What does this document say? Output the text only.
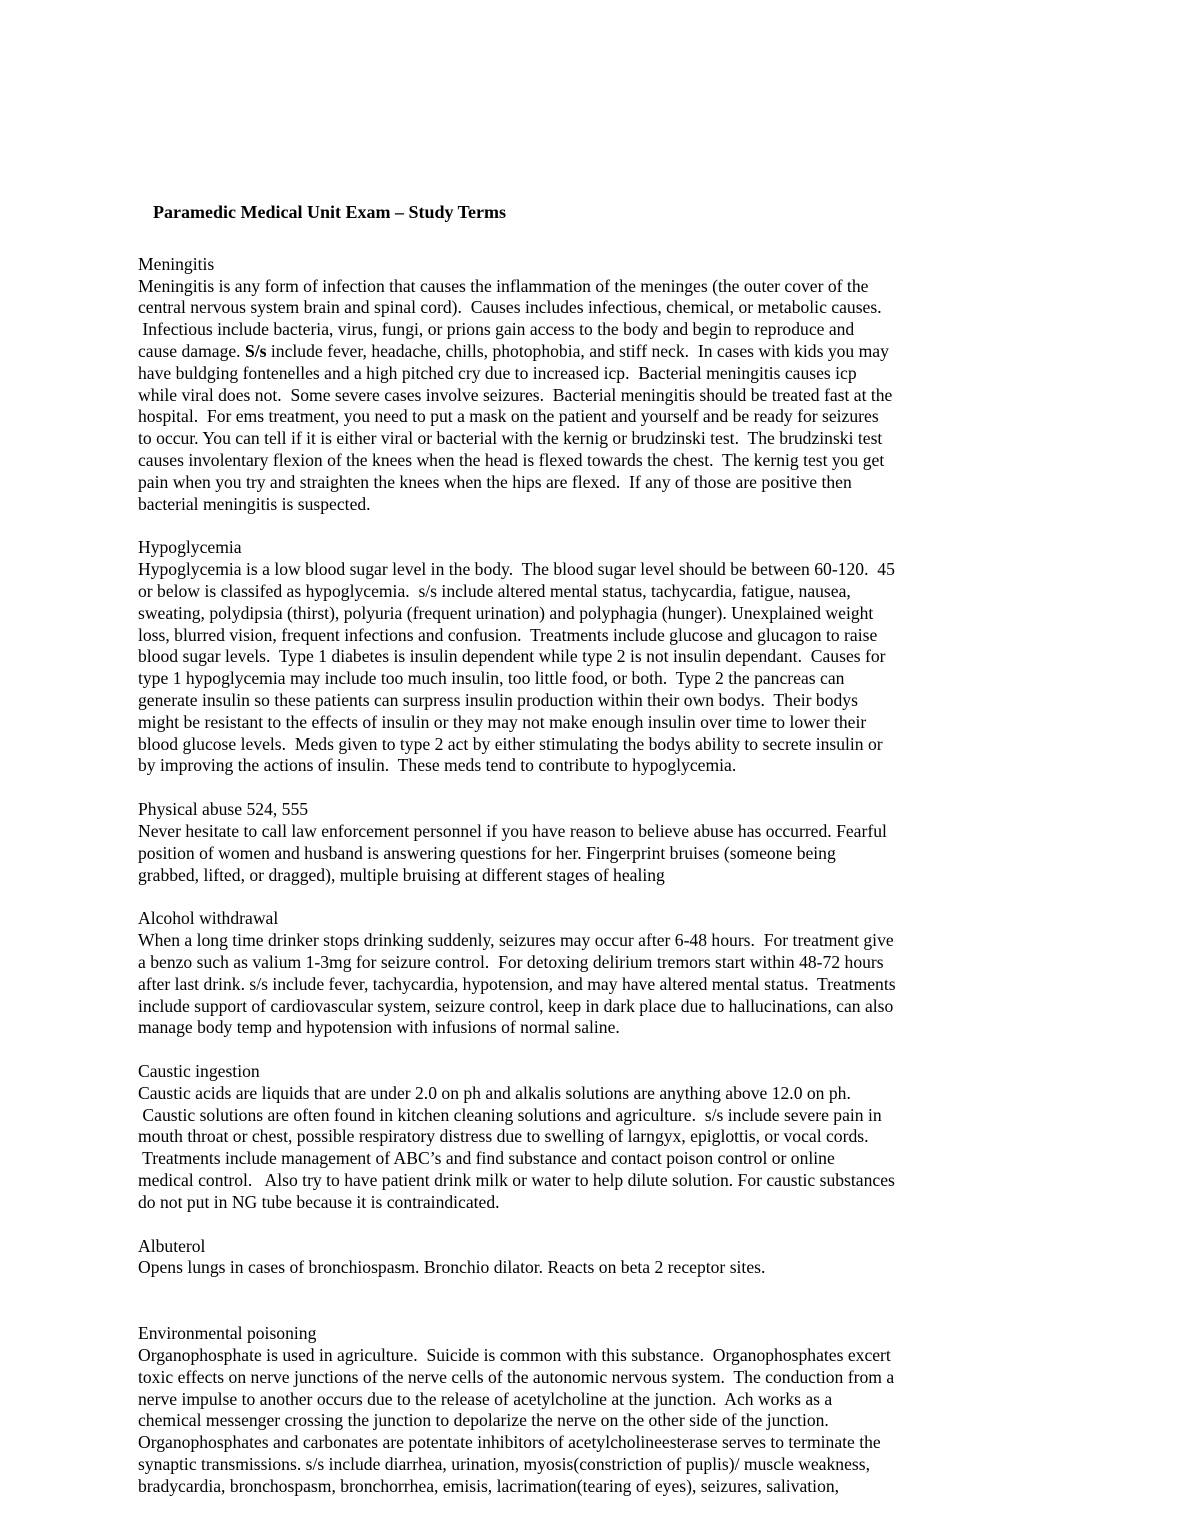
Paramedic Medical Unit Exam – Study Terms
Meningitis
Meningitis is any form of infection that causes the inflammation of the meninges (the outer cover of the
central nervous system brain and spinal cord).  Causes includes infectious, chemical, or metabolic causes.
Infectious include bacteria, virus, fungi, or prions gain access to the body and begin to reproduce and
cause damage. S/s include fever, headache, chills, photophobia, and stiff neck.  In cases with kids you may
have buldging fontenelles and a high pitched cry due to increased icp.  Bacterial meningitis causes icp
while viral does not.  Some severe cases involve seizures.  Bacterial meningitis should be treated fast at the
hospital.  For ems treatment, you need to put a mask on the patient and yourself and be ready for seizures
to occur. You can tell if it is either viral or bacterial with the kernig or brudzinski test.  The brudzinski test
causes involentary flexion of the knees when the head is flexed towards the chest.  The kernig test you get
pain when you try and straighten the knees when the hips are flexed.  If any of those are positive then
bacterial meningitis is suspected.
Hypoglycemia
Hypoglycemia is a low blood sugar level in the body.  The blood sugar level should be between 60-120.  45
or below is classifed as hypoglycemia.  s/s include altered mental status, tachycardia, fatigue, nausea,
sweating, polydipsia (thirst), polyuria (frequent urination) and polyphagia (hunger). Unexplained weight
loss, blurred vision, frequent infections and confusion.  Treatments include glucose and glucagon to raise
blood sugar levels.  Type 1 diabetes is insulin dependent while type 2 is not insulin dependant.  Causes for
type 1 hypoglycemia may include too much insulin, too little food, or both.  Type 2 the pancreas can
generate insulin so these patients can surpress insulin production within their own bodys.  Their bodys
might be resistant to the effects of insulin or they may not make enough insulin over time to lower their
blood glucose levels.  Meds given to type 2 act by either stimulating the bodys ability to secrete insulin or
by improving the actions of insulin.  These meds tend to contribute to hypoglycemia.
Physical abuse 524, 555
Never hesitate to call law enforcement personnel if you have reason to believe abuse has occurred. Fearful
position of women and husband is answering questions for her. Fingerprint bruises (someone being
grabbed, lifted, or dragged), multiple bruising at different stages of healing
Alcohol withdrawal
When a long time drinker stops drinking suddenly, seizures may occur after 6-48 hours.  For treatment give
a benzo such as valium 1-3mg for seizure control.  For detoxing delirium tremors start within 48-72 hours
after last drink. s/s include fever, tachycardia, hypotension, and may have altered mental status.  Treatments
include support of cardiovascular system, seizure control, keep in dark place due to hallucinations, can also
manage body temp and hypotension with infusions of normal saline.
Caustic ingestion
Caustic acids are liquids that are under 2.0 on ph and alkalis solutions are anything above 12.0 on ph.
Caustic solutions are often found in kitchen cleaning solutions and agriculture.  s/s include severe pain in
mouth throat or chest, possible respiratory distress due to swelling of larngyx, epiglottis, or vocal cords.
Treatments include management of ABC’s and find substance and contact poison control or online
medical control.   Also try to have patient drink milk or water to help dilute solution. For caustic substances
do not put in NG tube because it is contraindicated.
Albuterol
Opens lungs in cases of bronchiospasm. Bronchio dilator. Reacts on beta 2 receptor sites.
Environmental poisoning
Organophosphate is used in agriculture.  Suicide is common with this substance.  Organophosphates excert
toxic effects on nerve junctions of the nerve cells of the autonomic nervous system.  The conduction from a
nerve impulse to another occurs due to the release of acetylcholine at the junction.  Ach works as a
chemical messenger crossing the junction to depolarize the nerve on the other side of the junction.
Organophosphates and carbonates are potentate inhibitors of acetylcholineesterase serves to terminate the
synaptic transmissions. s/s include diarrhea, urination, myosis(constriction of puplis)/ muscle weakness,
bradycardia, bronchospasm, bronchorrhea, emisis, lacrimation(tearing of eyes), seizures, salivation,
